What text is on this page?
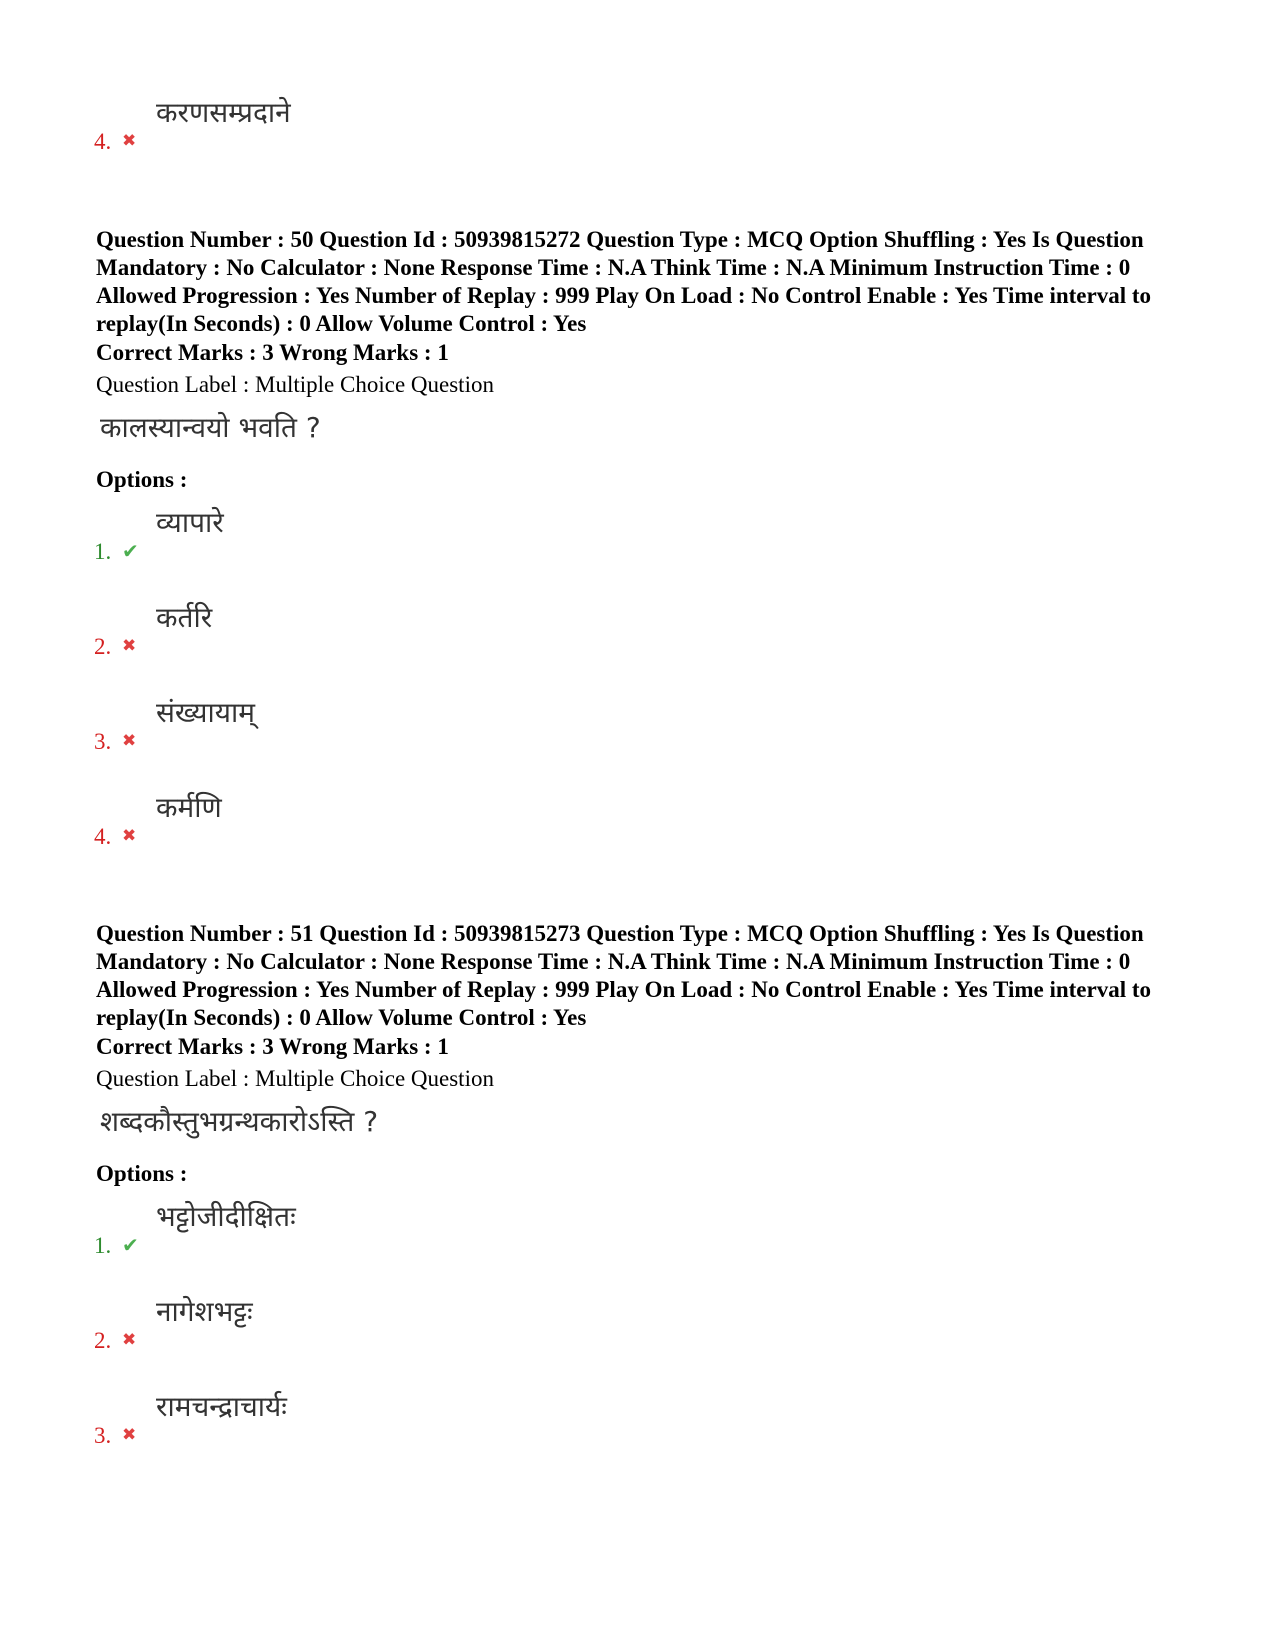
4. ✖
करणसम्प्रदाने

Question Number : 50 Question Id : 50939815272 Question Type : MCQ Option Shuffling : Yes Is Question Mandatory : No Calculator : None Response Time : N.A Think Time : N.A Minimum Instruction Time : 0 Allowed Progression : Yes Number of Replay : 999 Play On Load : No Control Enable : Yes Time interval to replay(In Seconds) : 0 Allow Volume Control : Yes

Correct Marks : 3 Wrong Marks : 1
Question Label : Multiple Choice Question
कालस्यान्वयो भवति ?
Options :
1. ✔
व्यापारे
2. ✖
कर्तरि
3. ✖
संख्यायाम्
4. ✖
कर्मणि

Question Number : 51 Question Id : 50939815273 Question Type : MCQ Option Shuffling : Yes Is Question Mandatory : No Calculator : None Response Time : N.A Think Time : N.A Minimum Instruction Time : 0 Allowed Progression : Yes Number of Replay : 999 Play On Load : No Control Enable : Yes Time interval to replay(In Seconds) : 0 Allow Volume Control : Yes

Correct Marks : 3 Wrong Marks : 1
Question Label : Multiple Choice Question
शब्दकौस्तुभग्रन्थकारोऽस्ति ?
Options :
1. ✔
भट्टोजीदीक्षितः
2. ✖
नागेशभट्टः
3. ✖
रामचन्द्राचार्यः
